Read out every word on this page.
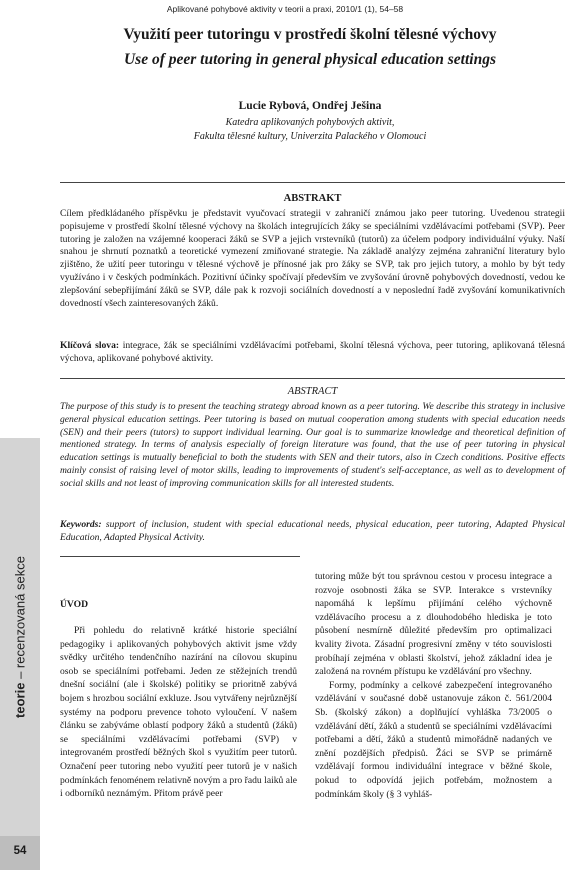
Aplikované pohybové aktivity v teorii a praxi, 2010/1 (1), 54–58
Využití peer tutoringu v prostředí školní tělesné výchovy
Use of peer tutoring in general physical education settings
Lucie Rybová, Ondřej Ješina
Katedra aplikovaných pohybových aktivit,
Fakulta tělesné kultury, Univerzita Palackého v Olomouci
ABSTRAKT
Cílem předkládaného příspěvku je představit vyučovací strategii v zahraničí známou jako peer tutoring. Uvedenou strategii popisujeme v prostředí školní tělesné výchovy na školách integrujících žáky se speciálními vzdělávacími potřebami (SVP). Peer tutoring je založen na vzájemné kooperaci žáků se SVP a jejich vrstevníků (tutorů) za účelem podpory individuální výuky. Naší snahou je shrnutí poznatků a teoretické vymezení zmiňované strategie. Na základě analýzy zejména zahraniční literatury bylo zjištěno, že užití peer tutoringu v tělesné výchově je přínosné jak pro žáky se SVP, tak pro jejich tutory, a mohlo by být tedy využíváno i v českých podmínkách. Pozitivní účinky spočívají především ve zvyšování úrovně pohybových dovedností, vedou ke zlepšování sebepřijímání žáků se SVP, dále pak k rozvoji sociálních dovedností a v neposlední řadě zvyšování komunikativních dovedností všech zainteresovaných žáků.
Klíčová slova: integrace, žák se speciálními vzdělávacími potřebami, školní tělesná výchova, peer tutoring, aplikovaná tělesná výchova, aplikované pohybové aktivity.
ABSTRACT
The purpose of this study is to present the teaching strategy abroad known as a peer tutoring. We describe this strategy in inclusive general physical education settings. Peer tutoring is based on mutual cooperation among students with special education needs (SEN) and their peers (tutors) to support individual learning. Our goal is to summarize knowledge and theoretical definition of mentioned strategy. In terms of analysis especially of foreign literature was found, that the use of peer tutoring in physical education settings is mutually beneficial to both the students with SEN and their tutors, also in Czech conditions. Positive effects mainly consist of raising level of motor skills, leading to improvements of student's self-acceptance, as well as to development of social skills and not least of improving communication skills for all interested students.
Keywords: support of inclusion, student with special educational needs, physical education, peer tutoring, Adapted Physical Education, Adapted Physical Activity.
ÚVOD

Při pohledu do relativně krátké historie speciální pedagogiky i aplikovaných pohybových aktivit jsme vždy svědky určitého tendenčního nazírání na cílovou skupinu osob se speciálními potřebami. Jeden ze stěžejních trendů dnešní sociální (ale i školské) politiky se prioritně zabývá bojem s hrozbou sociální exkluze. Jsou vytvářeny nejrůznější systémy na podporu prevence tohoto vyloučení. V našem článku se zabýváme oblastí podpory žáků a studentů (žáků) se speciálními vzdělávacími potřebami (SVP) v integrovaném prostředí běžných škol s využitím peer tutorů. Označení peer tutoring nebo využití peer tutorů je v našich podmínkách fenoménem relativně novým a pro řadu laiků ale i odborníků neznámým. Přitom právě peer

tutoring může být tou správnou cestou v procesu integrace a rozvoje osobnosti žáka se SVP. Interakce s vrstevníky napomáhá k lepšímu přijímání celého výchovně vzdělávacího procesu a z dlouhodobého hlediska je toto působení nesmírně důležité především pro optimalizaci kvality života. Zásadní progresivní změny v této souvislosti probíhají zejména v oblasti školství, jehož základní idea je založená na rovném přístupu ke vzdělávání pro všechny.

Formy, podmínky a celkové zabezpečení integrovaného vzdělávání v současné době ustanovuje zákon č. 561/2004 Sb. (školský zákon) a doplňující vyhláška 73/2005 o vzdělávání dětí, žáků a studentů se speciálními vzdělávacími potřebami a dětí, žáků a studentů mimořádně nadaných ve znění pozdějších předpisů. Žáci se SVP se primárně vzdělávají formou individuální integrace v běžné škole, pokud to odpovídá jejich potřebám, možnostem a podmínkám školy (§ 3 vyhláš-

teorie – recenzovaná sekce
54
